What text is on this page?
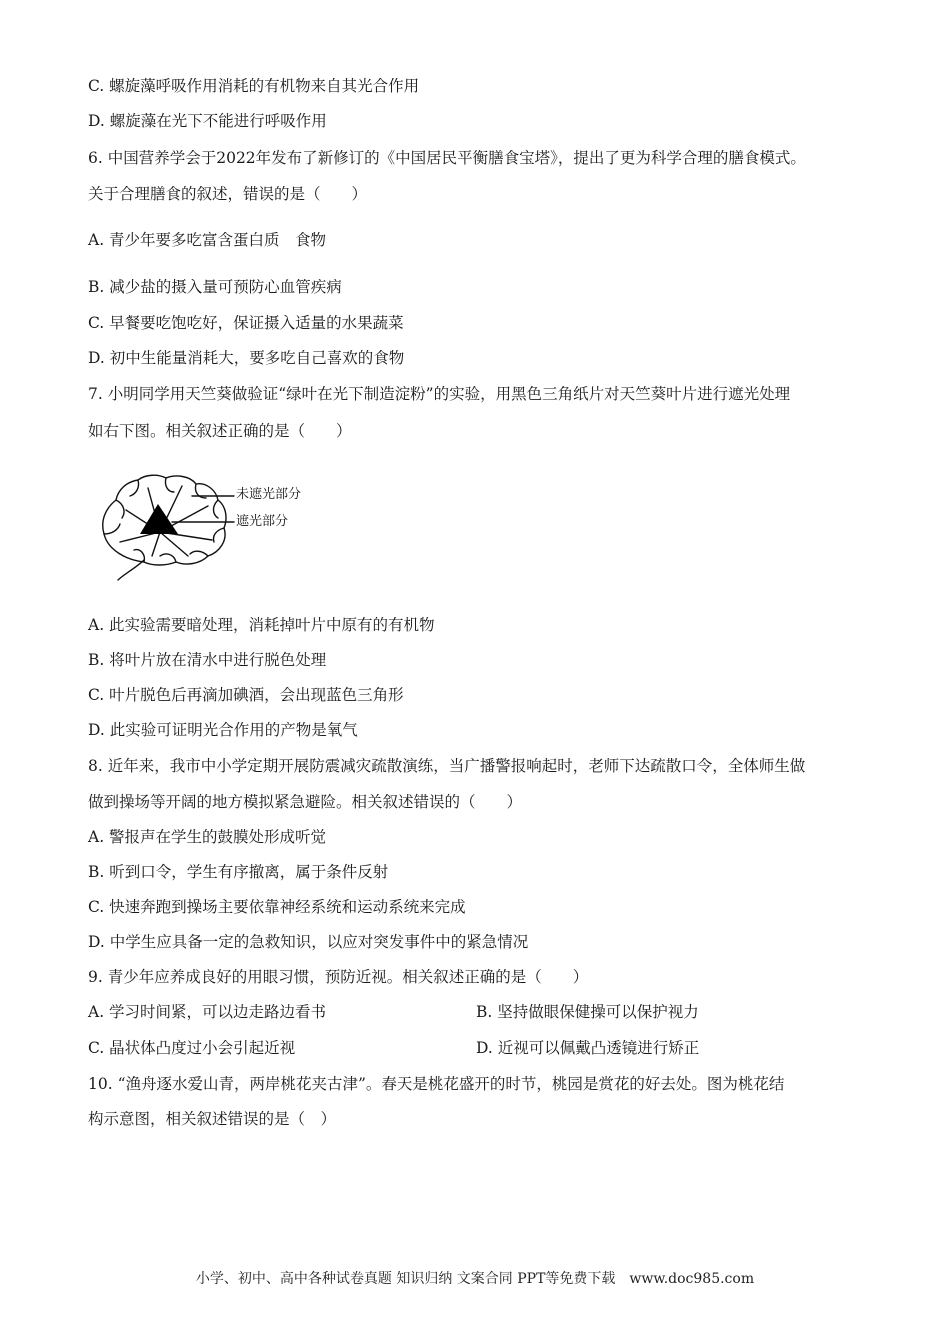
C. 螺旋藻呼吸作用消耗的有机物来自其光合作用
D. 螺旋藻在光下不能进行呼吸作用
6. 中国营养学会于2022年发布了新修订的《中国居民平衡膳食宝塔》，提出了更为科学合理的膳食模式。
关于合理膳食的叙述，错误的是（　　）
A. 青少年要多吃富含蛋白质　食物
B. 减少盐的摄入量可预防心血管疾病
C. 早餐要吃饱吃好，保证摄入适量的水果蔬菜
D. 初中生能量消耗大，要多吃自己喜欢的食物
7. 小明同学用天竺葵做验证“绿叶在光下制造淀粉”的实验，用黑色三角纸片对天竺葵叶片进行遮光处理
如右下图。相关叙述正确的是（　　）
未遮光部分
遮光部分
A. 此实验需要暗处理，消耗掉叶片中原有的有机物
B. 将叶片放在清水中进行脱色处理
C. 叶片脱色后再滴加碘酒，会出现蓝色三角形
D. 此实验可证明光合作用的产物是氧气
8. 近年来，我市中小学定期开展防震减灾疏散演练，当广播警报响起时，老师下达疏散口令，全体师生做
做到操场等开阔的地方模拟紧急避险。相关叙述错误的（　　）
A. 警报声在学生的鼓膜处形成听觉
B. 听到口令，学生有序撤离，属于条件反射
C. 快速奔跑到操场主要依靠神经系统和运动系统来完成
D. 中学生应具备一定的急救知识，以应对突发事件中的紧急情况
9. 青少年应养成良好的用眼习惯，预防近视。相关叙述正确的是（　　）
A. 学习时间紧，可以边走路边看书	B. 坚持做眼保健操可以保护视力
C. 晶状体凸度过小会引起近视	D. 近视可以佩戴凸透镜进行矫正
10. “渔舟逐水爱山青，两岸桃花夹古津”。春天是桃花盛开的时节，桃园是赏花的好去处。图为桃花结
构示意图，相关叙述错误的是（　）
小学、初中、高中各种试卷真题 知识归纳 文案合同 PPT等免费下载　www.doc985.com
